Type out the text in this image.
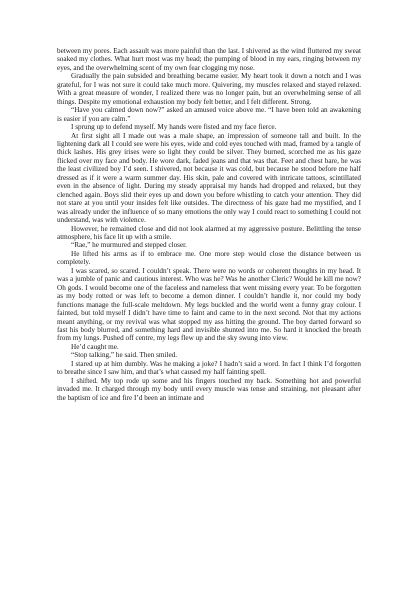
between my pores. Each assault was more painful than the last. I shivered as the wind fluttered my sweat soaked my clothes. What hurt most was my head; the pumping of blood in my ears, ringing between my eyes, and the overwhelming scent of my own fear clogging my nose.

Gradually the pain subsided and breathing became easier. My heart took it down a notch and I was grateful, for I was not sure it could take much more. Quivering, my muscles relaxed and stayed relaxed. With a great measure of wonder, I realized there was no longer pain, but an overwhelming sense of all things. Despite my emotional exhaustion my body felt better, and I felt different. Strong.

“Have you calmed down now?” asked an amused voice above me. “I have been told an awakening is easier if you are calm.”

I sprung up to defend myself. My hands were fisted and my face fierce.

At first sight all I made out was a male shape, an impression of someone tall and built. In the lightening dark all I could see were his eyes, wide and cold eyes touched with mad, framed by a tangle of thick lashes. His grey irises were so light they could be silver. They burned, scorched me as his gaze flicked over my face and body. He wore dark, faded jeans and that was that. Feet and chest bare, he was the least civilized boy I’d seen. I shivered, not because it was cold, but because he stood before me half dressed as if it were a warm summer day. His skin, pale and covered with intricate tattoos, scintillated even in the absence of light. During my steady appraisal my hands had dropped and relaxed, but they clenched again. Boys slid their eyes up and down you before whistling to catch your attention. They did not stare at you until your insides felt like outsides. The directness of his gaze had me mystified, and I was already under the influence of so many emotions the only way I could react to something I could not understand, was with violence.

However, he remained close and did not look alarmed at my aggressive posture. Belittling the tense atmosphere, his face lit up with a smile.

“Rae,” he murmured and stepped closer.

He lifted his arms as if to embrace me. One more step would close the distance between us completely.

I was scared, so scared. I couldn’t speak. There were no words or coherent thoughts in my head. It was a jumble of panic and cautious interest. Who was he? Was he another Cleric? Would he kill me now? Oh gods. I would become one of the faceless and nameless that went missing every year. To be forgotten as my body rotted or was left to become a demon dinner. I couldn’t handle it, nor could my body functions manage the full-scale meltdown. My legs buckled and the world went a funny gray colour. I fainted, but told myself I didn’t have time to faint and came to in the next second. Not that my actions meant anything, or my revival was what stopped my ass hitting the ground. The boy darted forward so fast his body blurred, and something hard and invisible shunted into me. So hard it knocked the breath from my lungs. Pushed off centre, my legs flew up and the sky swung into view.

He’d caught me.

“Stop talking,” he said. Then smiled.

I stared up at him dumbly. Was he making a joke? I hadn’t said a word. In fact I think I’d forgotten to breathe since I saw him, and that’s what caused my half fainting spell.

I shifted. My top rode up some and his fingers touched my back. Something hot and powerful invaded me. It charged through my body until every muscle was tense and straining, not pleasant after the baptism of ice and fire I’d been an intimate and
